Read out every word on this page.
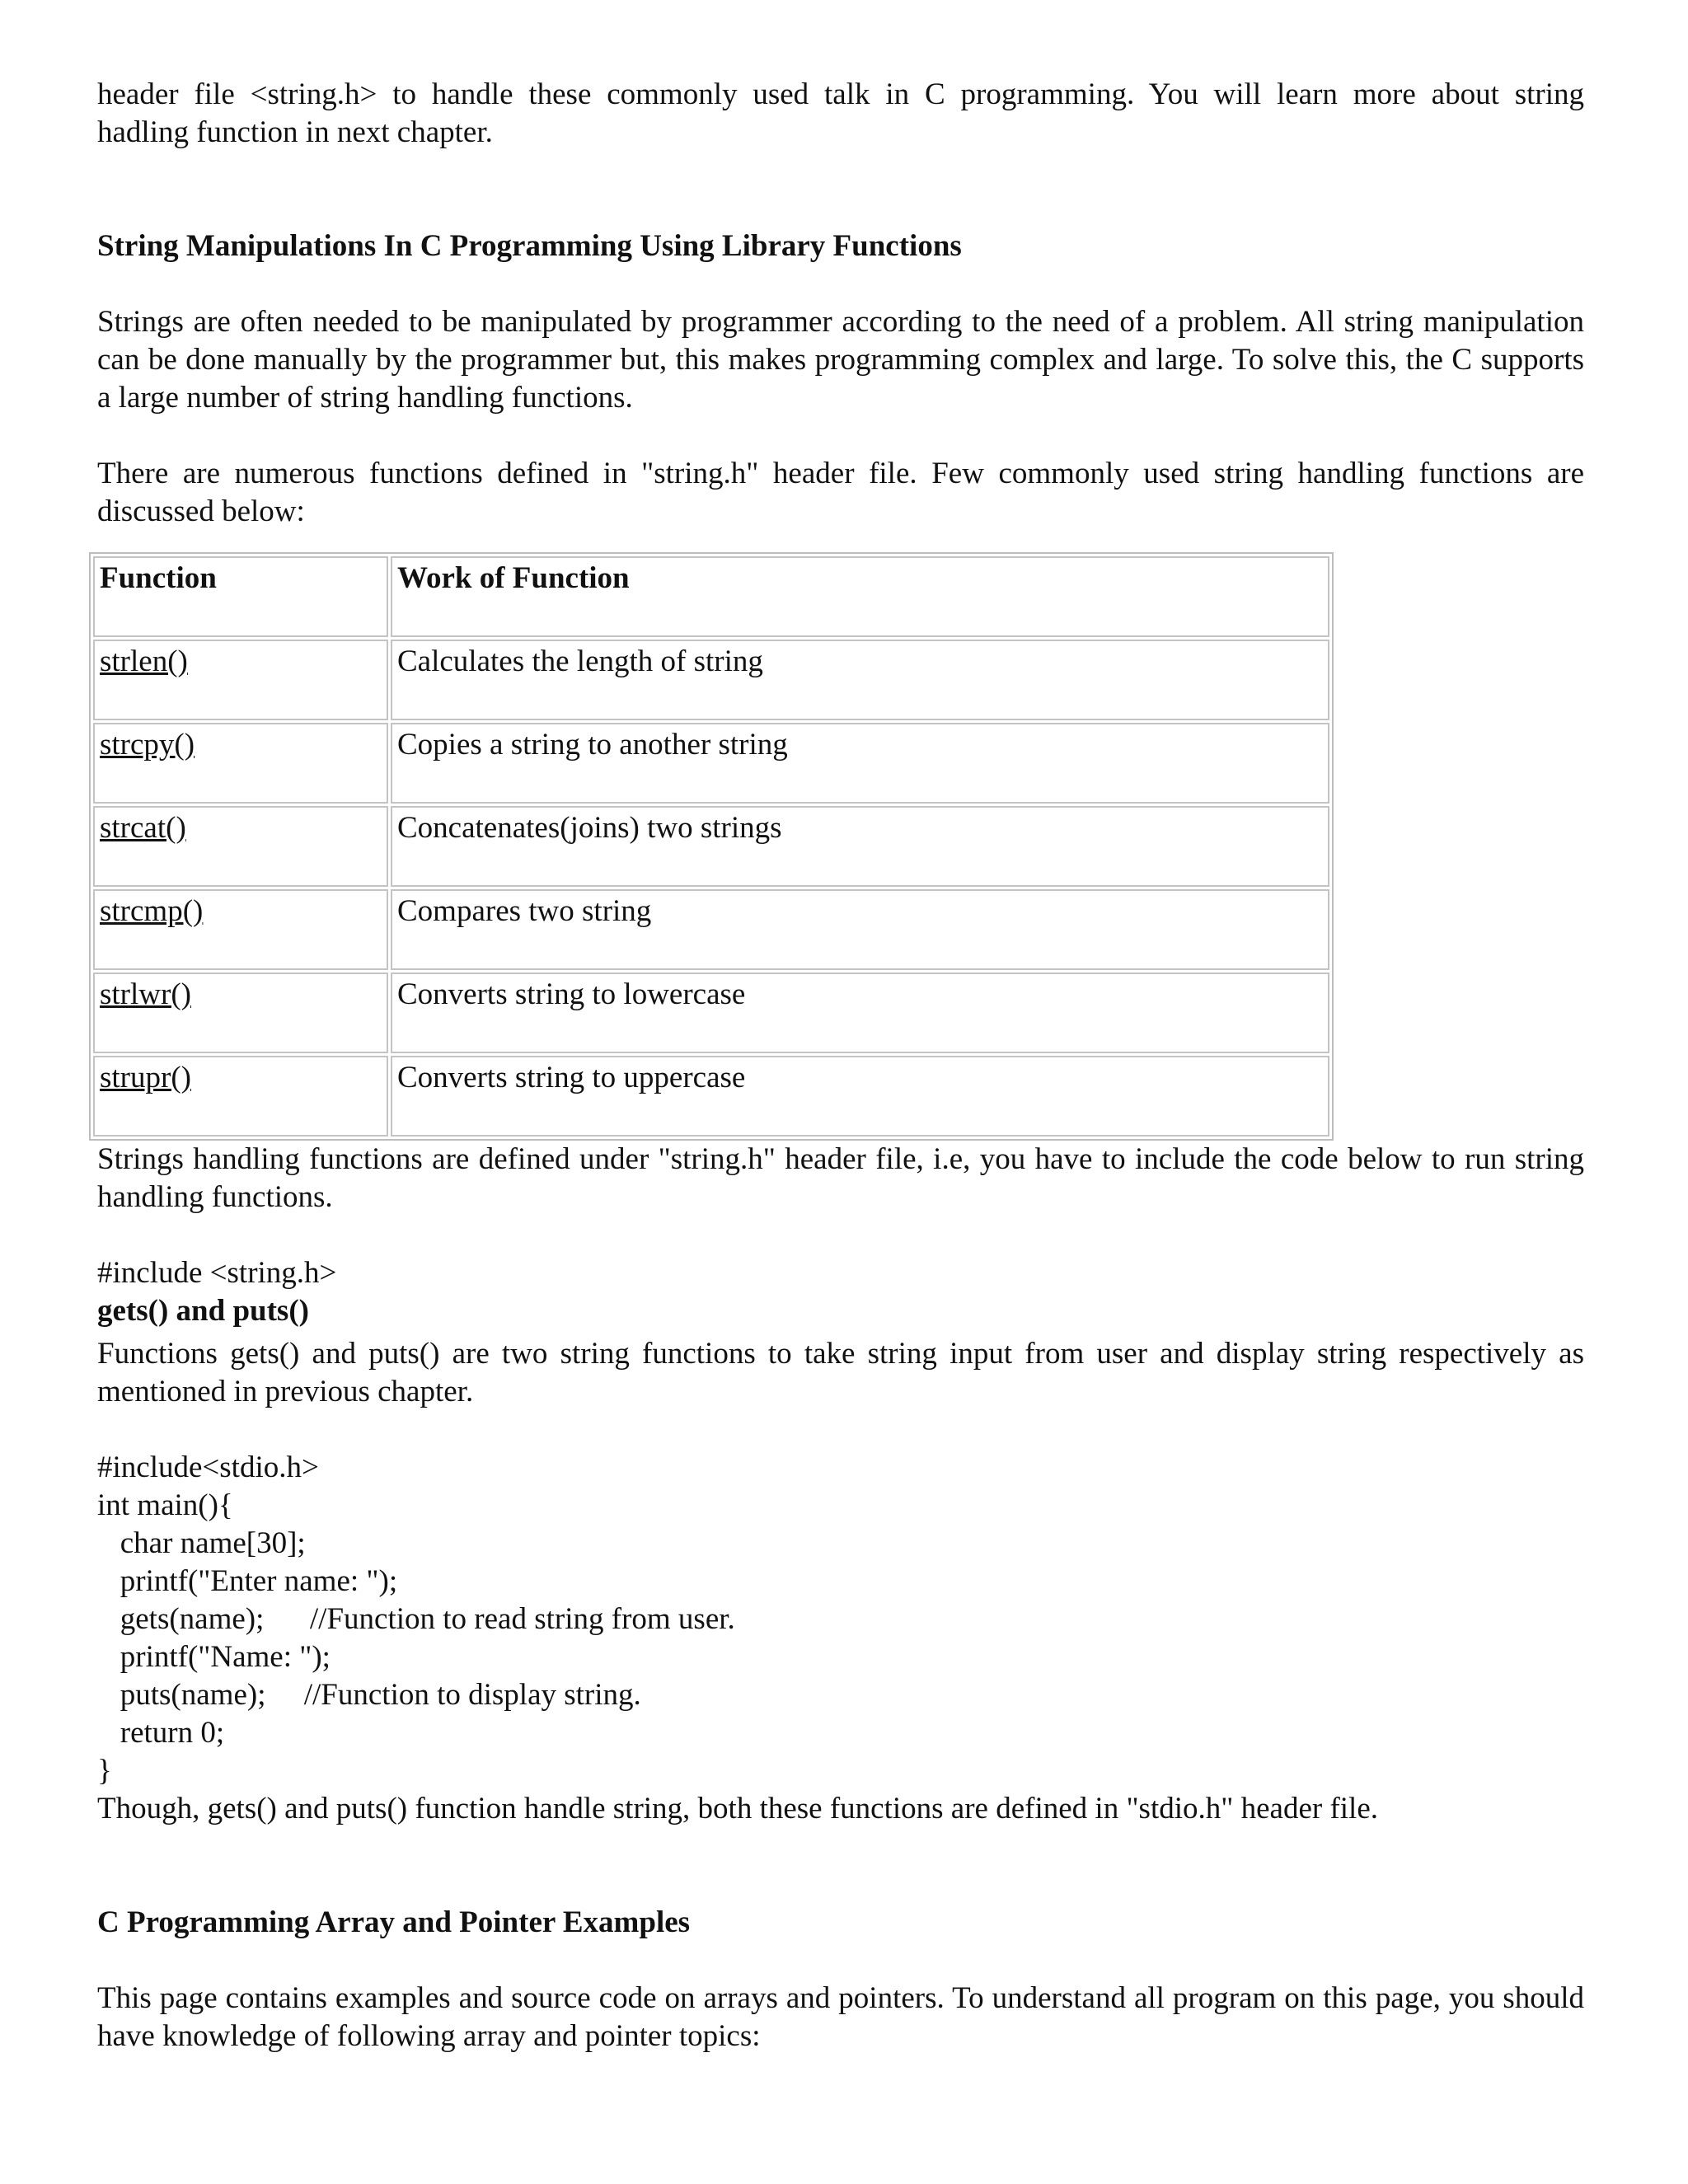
header file <string.h> to handle these commonly used talk in C programming. You will learn more about string

hadling function in next chapter.

String Manipulations In C Programming Using Library Functions

Strings are often needed to be manipulated by programmer according to the need of a problem. All string manipulation can be done manually by the programmer but, this makes programming complex and large. To solve this, the C supports a large number of string handling functions.

There are numerous functions defined in "string.h" header file. Few commonly used string handling functions are discussed below:

Function	Work of Function
strlen()	Calculates the length of string
strcpy()	Copies a string to another string
strcat()	Concatenates(joins) two strings
strcmp()	Compares two string
strlwr()	Converts string to lowercase
strupr()	Converts string to uppercase

Strings handling functions are defined under "string.h" header file, i.e, you have to include the code below to run string handling functions.

#include <string.h>

gets() and puts()

Functions gets() and puts() are two string functions to take string input from user and display string respectively as mentioned in previous chapter.

#include<stdio.h>
int main(){
char name[30];
printf("Enter name: ");
gets(name);      //Function to read string from user.
printf("Name: ");
puts(name);     //Function to display string.
return 0;
}

Though, gets() and puts() function handle string, both these functions are defined in "stdio.h" header file.

C Programming Array and Pointer Examples

This page contains examples and source code on arrays and pointers. To understand all program on this page, you should have knowledge of following array and pointer topics:
